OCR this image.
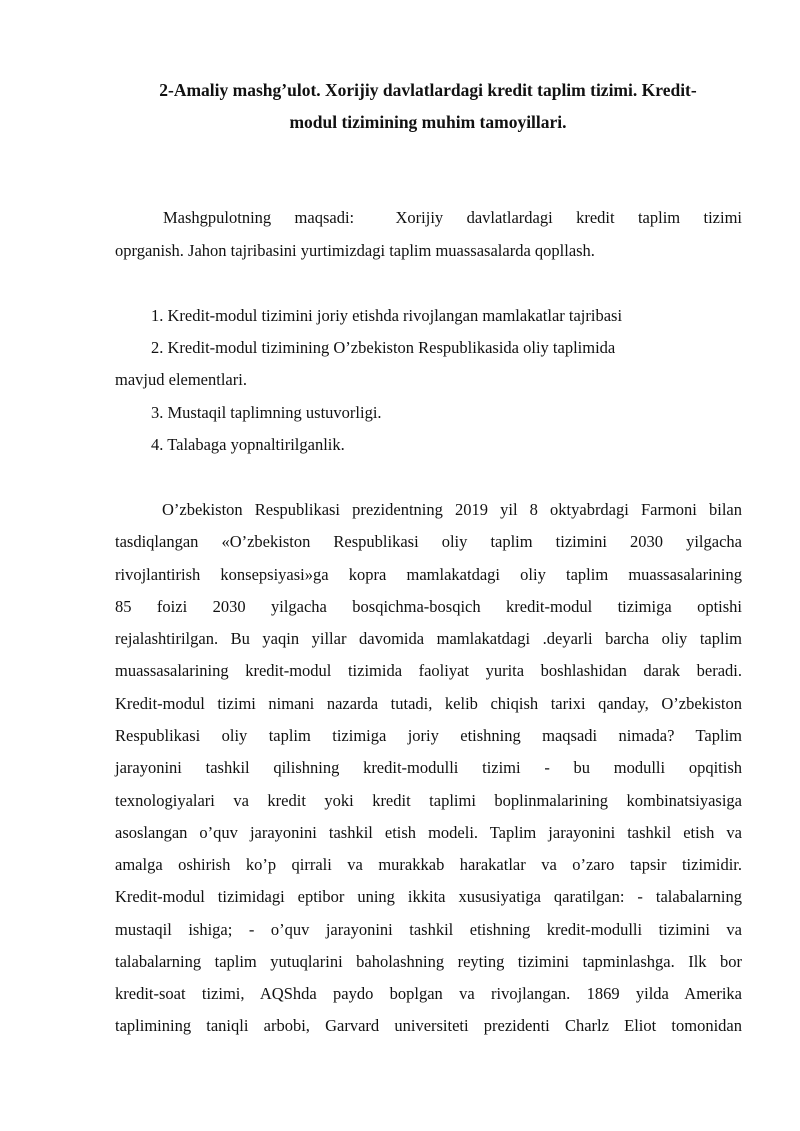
2-Amaliy mashg’ulot. Xorijiy davlatlardagi kredit taplim tizimi. Kredit-

modul tizimining muhim tamoyillari.

Mashgpulotning maqsadi:	Xorijiy davlatlardagi kredit taplim tizimi

oprganish. Jahon tajribasini yurtimizdagi taplim muassasalarda qopllash.

1. Kredit-modul tizimini joriy etishda rivojlangan mamlakatlar tajribasi

2. Kredit-modul tizimining O’zbekiston Respublikasida oliy taplimida

mavjud elementlari.

3. Mustaqil taplimning ustuvorligi.

4. Talabaga yopnaltirilganlik.

O’zbekiston Respublikasi prezidentning 2019 yil 8 oktyabrdagi Farmoni bilan

tasdiqlangan «O’zbekiston Respublikasi oliy taplim tizimini 2030 yilgacha

rivojlantirish konsepsiyasi»ga kopra mamlakatdagi oliy taplim muassasalarining

85 foizi 2030 yilgacha bosqichma-bosqich kredit-modul tizimiga optishi

rejalashtirilgan. Bu yaqin yillar davomida mamlakatdagi .deyarli barcha oliy taplim

muassasalarining kredit-modul tizimida faoliyat yurita boshlashidan darak beradi.

Kredit-modul tizimi nimani nazarda tutadi, kelib chiqish tarixi qanday, O’zbekiston

Respublikasi oliy taplim tizimiga joriy etishning maqsadi nimada? Taplim

jarayonini tashkil qilishning kredit-modulli tizimi - bu modulli opqitish

texnologiyalari va kredit yoki kredit taplimi boplinmalarining kombinatsiyasiga

asoslangan o’quv jarayonini tashkil etish modeli. Taplim jarayonini tashkil etish va

amalga oshirish ko’p qirrali va murakkab harakatlar va o’zaro tapsir tizimidir.

Kredit-modul tizimidagi eptibor uning ikkita xususiyatiga qaratilgan: - talabalarning

mustaqil ishiga; - o’quv jarayonini tashkil etishning kredit-modulli tizimini va

talabalarning taplim yutuqlarini baholashning reyting tizimini tapminlashga. Ilk bor

kredit-soat tizimi, AQShda paydo boplgan va rivojlangan. 1869 yilda Amerika

taplimining taniqli arbobi, Garvard universiteti prezidenti Charlz Eliot tomonidan
